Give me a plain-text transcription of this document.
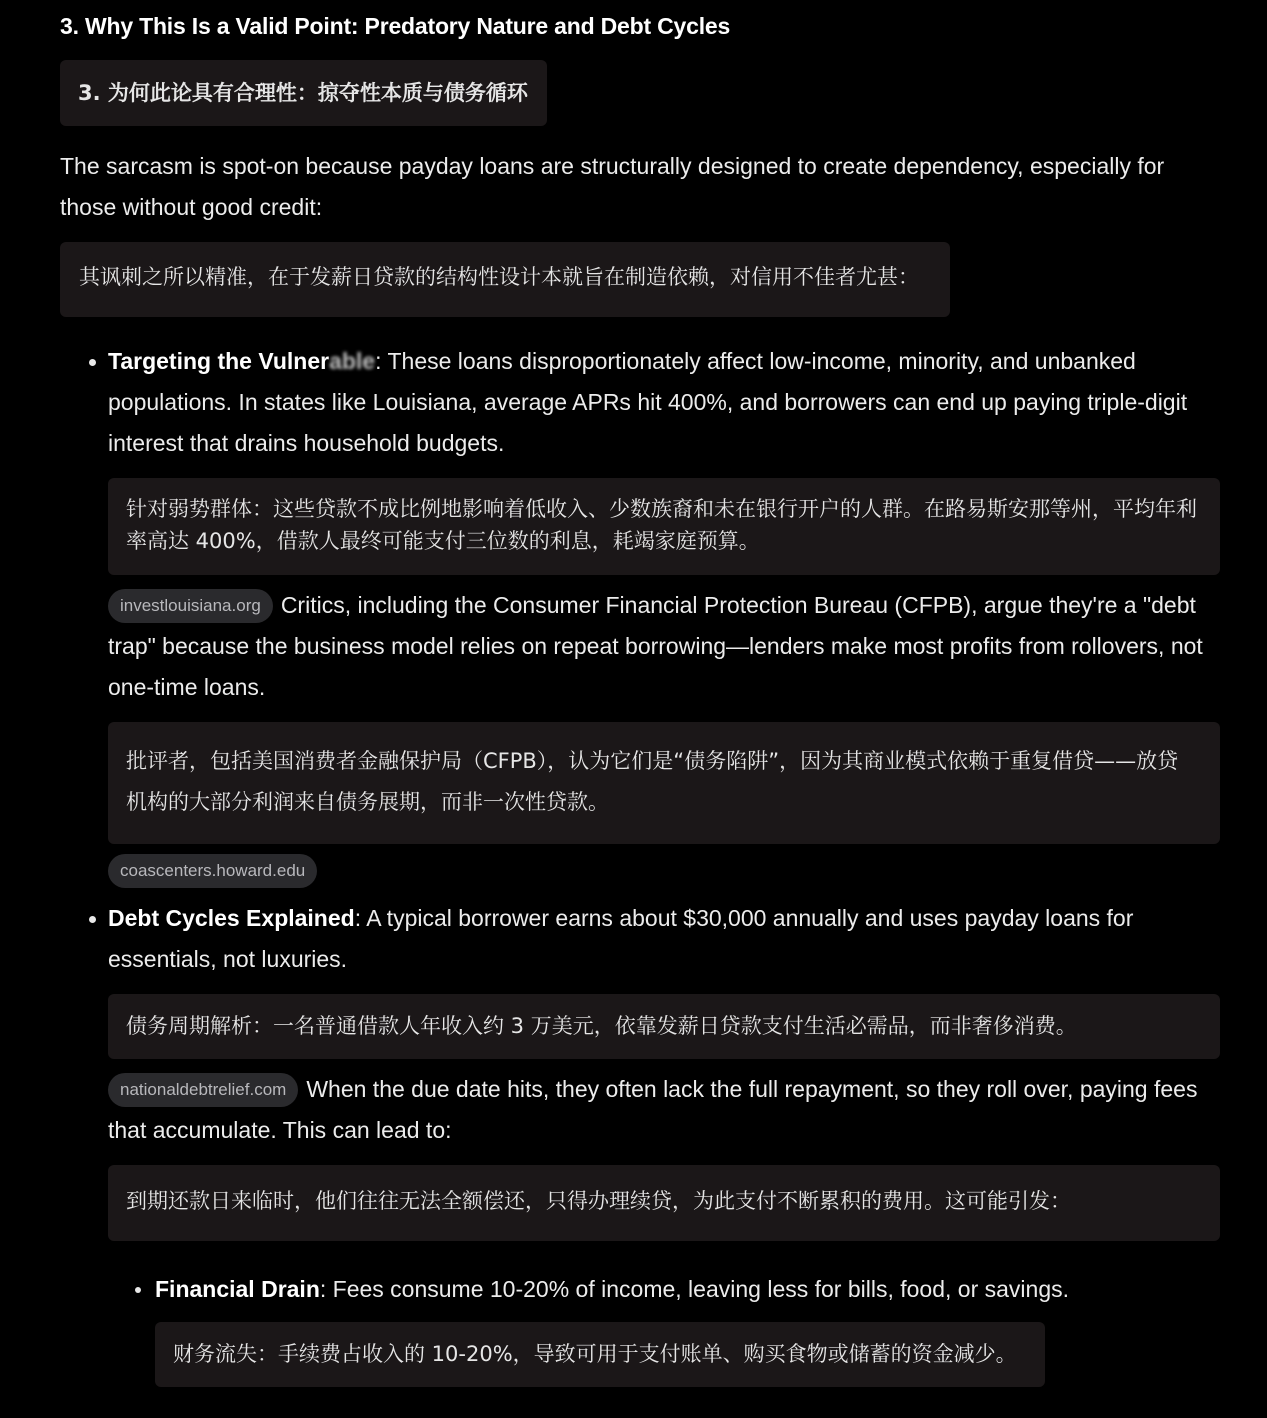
3. Why This Is a Valid Point: Predatory Nature and Debt Cycles
3. 为何此论具有合理性：掠夺性本质与债务循环

The sarcasm is spot-on because payday loans are structurally designed to create dependency, especially for those without good credit:

其讽刺之所以精准，在于发薪日贷款的结构性设计本就旨在制造依赖，对信用不佳者尤甚：

Targeting the Vulnerable: These loans disproportionately affect low-income, minority, and unbanked populations. In states like Louisiana, average APRs hit 400%, and borrowers can end up paying triple-digit interest that drains household budgets.

针对弱势群体：这些贷款不成比例地影响着低收入、少数族裔和未在银行开户的人群。在路易斯安那等州，平均年利率高达 400%，借款人最终可能支付三位数的利息，耗竭家庭预算。

investlouisiana.org Critics, including the Consumer Financial Protection Bureau (CFPB), argue they're a "debt trap" because the business model relies on repeat borrowing—lenders make most profits from rollovers, not one-time loans.

批评者，包括美国消费者金融保护局（CFPB），认为它们是“债务陷阱”，因为其商业模式依赖于重复借贷——放贷机构的大部分利润来自债务展期，而非一次性贷款。
coascenters.howard.edu

Debt Cycles Explained: A typical borrower earns about $30,000 annually and uses payday loans for essentials, not luxuries.

债务周期解析：一名普通借款人年收入约 3 万美元，依靠发薪日贷款支付生活必需品，而非奢侈消费。

nationaldebtrelief.com When the due date hits, they often lack the full repayment, so they roll over, paying fees that accumulate. This can lead to:

到期还款日来临时，他们往往无法全额偿还，只得办理续贷，为此支付不断累积的费用。这可能引发：

Financial Drain: Fees consume 10-20% of income, leaving less for bills, food, or savings.

财务流失：手续费占收入的 10-20%，导致可用于支付账单、购买食物或储蓄的资金减少。
